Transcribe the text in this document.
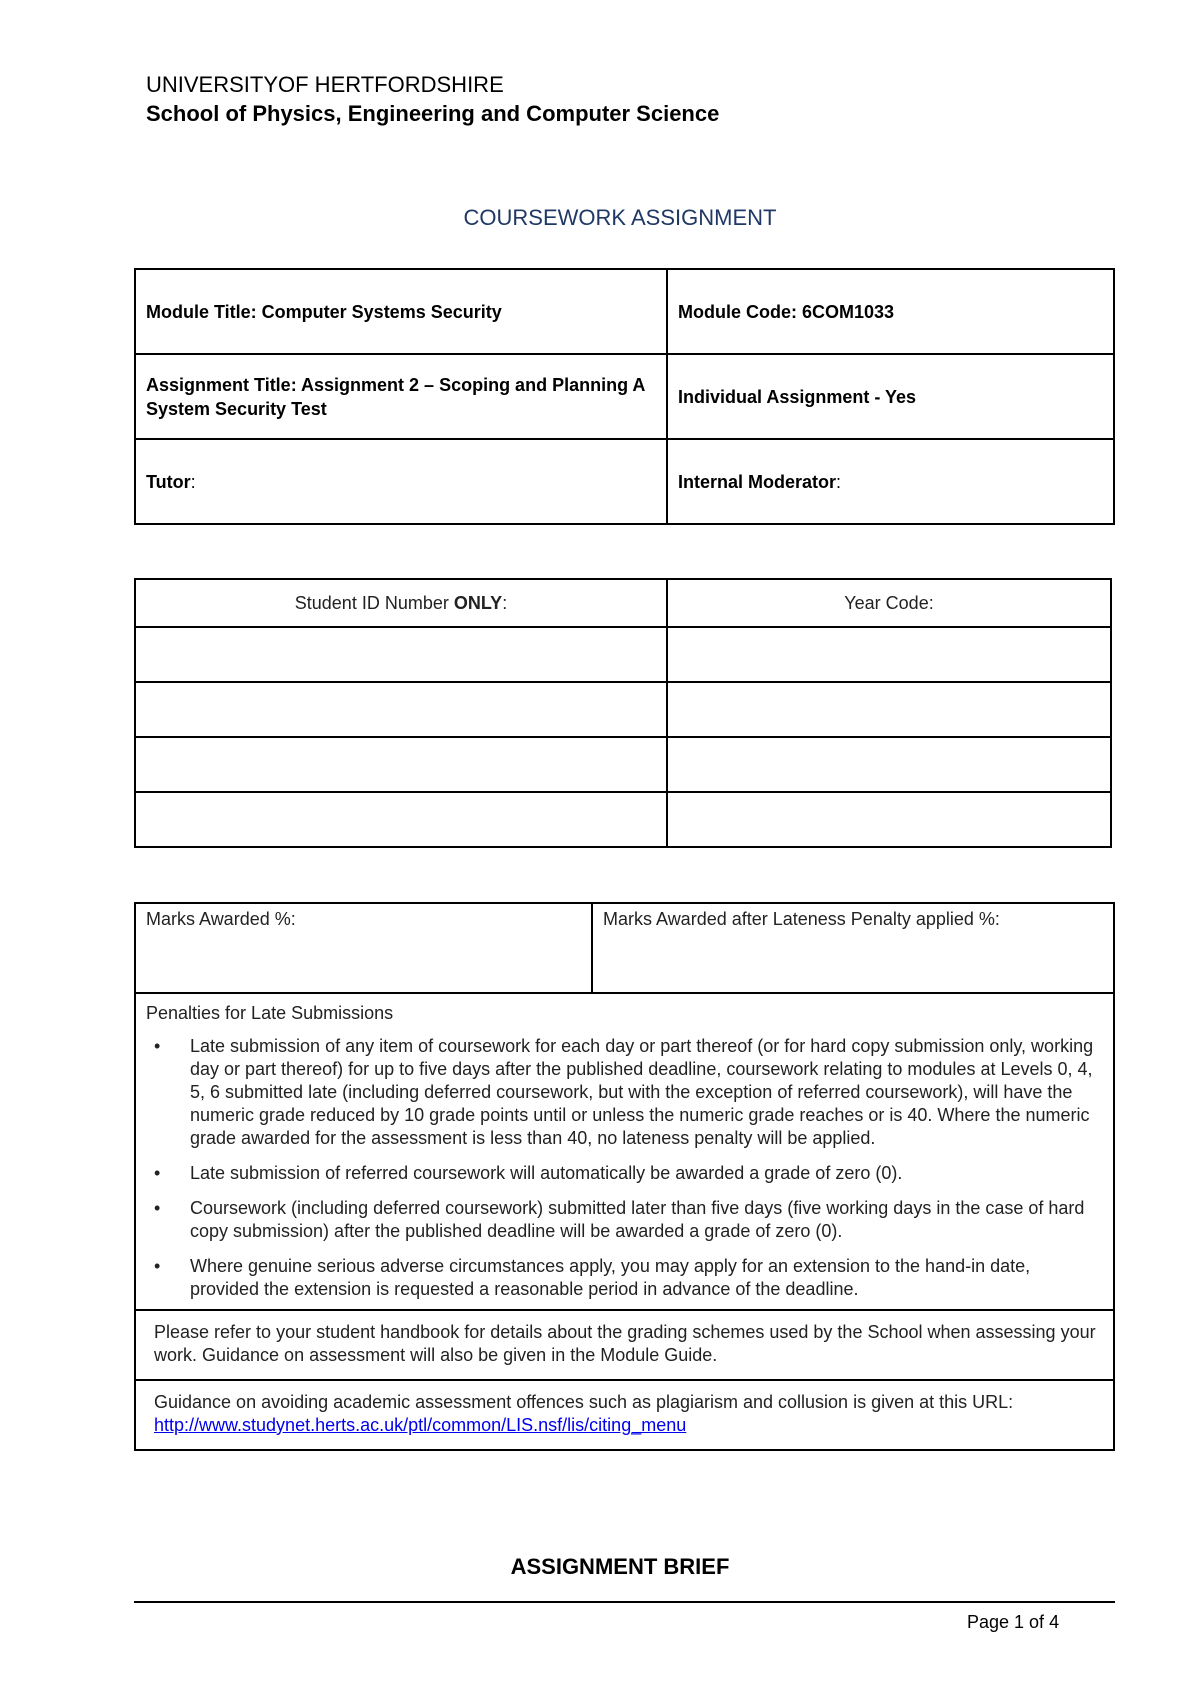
UNIVERSITYOF HERTFORDSHIRE
School of Physics, Engineering and Computer Science
COURSEWORK ASSIGNMENT
Module Title: Computer Systems Security	Module Code: 6COM1033
Assignment Title: Assignment 2 – Scoping and Planning A System Security Test	Individual Assignment - Yes
Tutor:	Internal Moderator:
Student ID Number ONLY:	Year Code:

Marks Awarded %:	Marks Awarded after Lateness Penalty applied %:

Penalties for Late Submissions
• Late submission of any item of coursework for each day or part thereof (or for hard copy submission only, working day or part thereof) for up to five days after the published deadline, coursework relating to modules at Levels 0, 4, 5, 6 submitted late (including deferred coursework, but with the exception of referred coursework), will have the numeric grade reduced by 10 grade points until or unless the numeric grade reaches or is 40. Where the numeric grade awarded for the assessment is less than 40, no lateness penalty will be applied.
• Late submission of referred coursework will automatically be awarded a grade of zero (0).
• Coursework (including deferred coursework) submitted later than five days (five working days in the case of hard copy submission) after the published deadline will be awarded a grade of zero (0).
• Where genuine serious adverse circumstances apply, you may apply for an extension to the hand-in date, provided the extension is requested a reasonable period in advance of the deadline.

Please refer to your student handbook for details about the grading schemes used by the School when assessing your work. Guidance on assessment will also be given in the Module Guide.
Guidance on avoiding academic assessment offences such as plagiarism and collusion is given at this URL:  http://www.studynet.herts.ac.uk/ptl/common/LIS.nsf/lis/citing_menu
ASSIGNMENT BRIEF
Page 1 of 4
